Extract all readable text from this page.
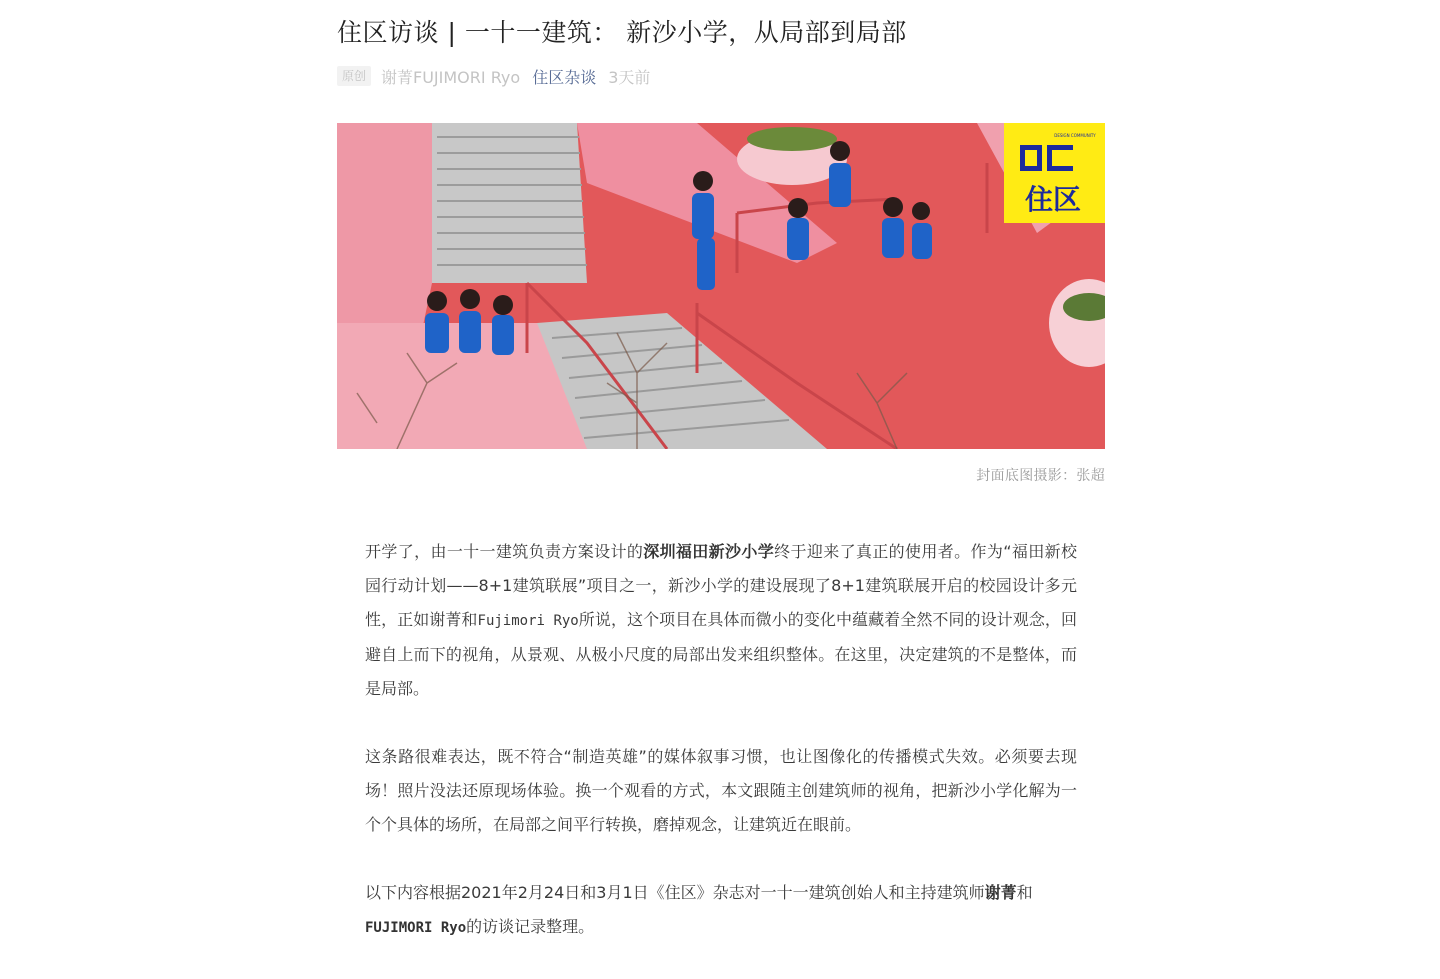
住区访谈 | 一十一建筑： 新沙小学，从局部到局部
原创 谢菁FUJIMORI Ryo 住区杂谈 3天前
住区
DESIGN COMMUNITY
封面底图摄影：张超

开学了，由一十一建筑负责方案设计的深圳福田新沙小学终于迎来了真正的使用者。作为“福田新校园行动计划——8+1建筑联展”项目之一，新沙小学的建设展现了8+1建筑联展开启的校园设计多元性，正如谢菁和Fujimori Ryo所说，这个项目在具体而微小的变化中蕴藏着全然不同的设计观念，回避自上而下的视角，从景观、从极小尺度的局部出发来组织整体。在这里，决定建筑的不是整体，而是局部。

这条路很难表达，既不符合“制造英雄”的媒体叙事习惯，也让图像化的传播模式失效。必须要去现场！照片没法还原现场体验。换一个观看的方式，本文跟随主创建筑师的视角，把新沙小学化解为一个个具体的场所，在局部之间平行转换，磨掉观念，让建筑近在眼前。

以下内容根据2021年2月24日和3月1日《住区》杂志对一十一建筑创始人和主持建筑师谢菁和
FUJIMORI Ryo的访谈记录整理。
